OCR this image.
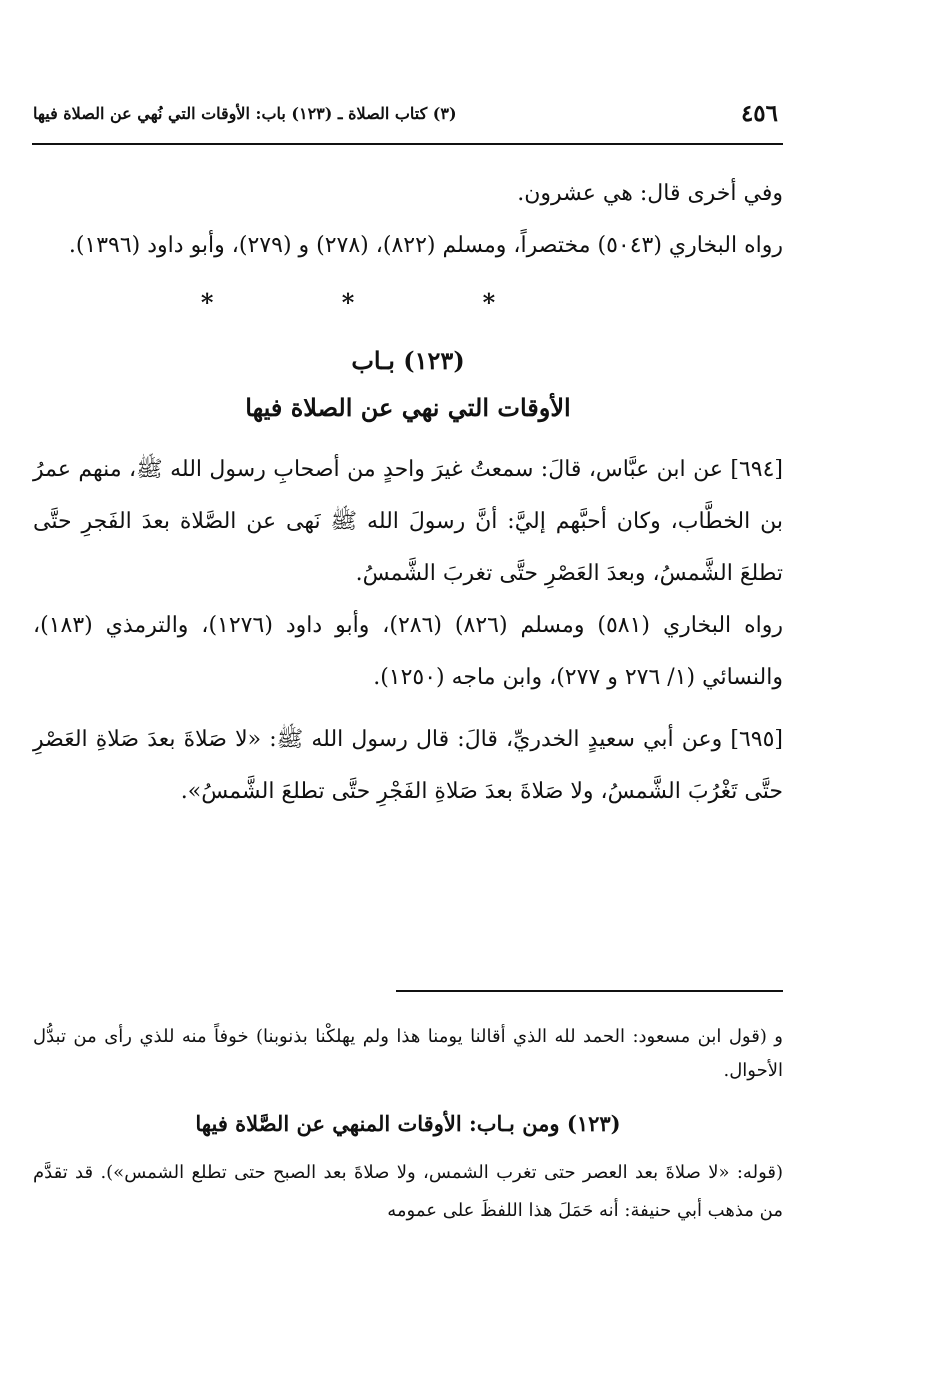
٤٥٦
(٣) كتاب الصلاة ـ (١٢٣) باب: الأوقات التي نُهي عن الصلاة فيها

وفي أخرى قال: هي عشرون.

رواه البخاري (٥٠٤٣) مختصراً، ومسلم (٨٢٢)، (٢٧٨) و (٢٧٩)، وأبو داود (١٣٩٦).

* * *
(١٢٣) بـاب
الأوقات التي نهي عن الصلاة فيها

[٦٩٤] عن ابن عبَّاس، قالَ: سمعتُ غيرَ واحدٍ من أصحابِ رسول الله ﷺ، منهم عمرُ بن الخطَّاب، وكان أحبَّهم إليَّ: أنَّ رسولَ الله ﷺ نَهى عن الصَّلاة بعدَ الفَجرِ حتَّى تطلعَ الشَّمسُ، وبعدَ العَصْرِ حتَّى تغربَ الشَّمسُ.

رواه البخاري (٥٨١) ومسلم (٨٢٦) (٢٨٦)، وأبو داود (١٢٧٦)، والترمذي (١٨٣)، والنسائي (١/ ٢٧٦ و ٢٧٧)، وابن ماجه (١٢٥٠).

[٦٩٥] وعن أبي سعيدٍ الخدريِّ، قالَ: قال رسول الله ﷺ: «لا صَلاةَ بعدَ صَلاةِ العَصْرِ حتَّى تَغْرُبَ الشَّمسُ، ولا صَلاةَ بعدَ صَلاةِ الفَجْرِ حتَّى تطلعَ الشَّمسُ».

و (قول ابن مسعود: الحمد لله الذي أقالنا يومنا هذا ولم يهلكْنا بذنوبنا) خوفاً منه للذي رأى من تبدُّل الأحوال.

(١٢٣) ومن بـاب: الأوقات المنهي عن الصَّلاة فيها

(قوله: «لا صلاةَ بعد العصر حتى تغرب الشمس، ولا صلاةَ بعد الصبح حتى تطلع الشمس»). قد تقدَّم من مذهب أبي حنيفة: أنه حَمَلَ هذا اللفظَ على عمومه
